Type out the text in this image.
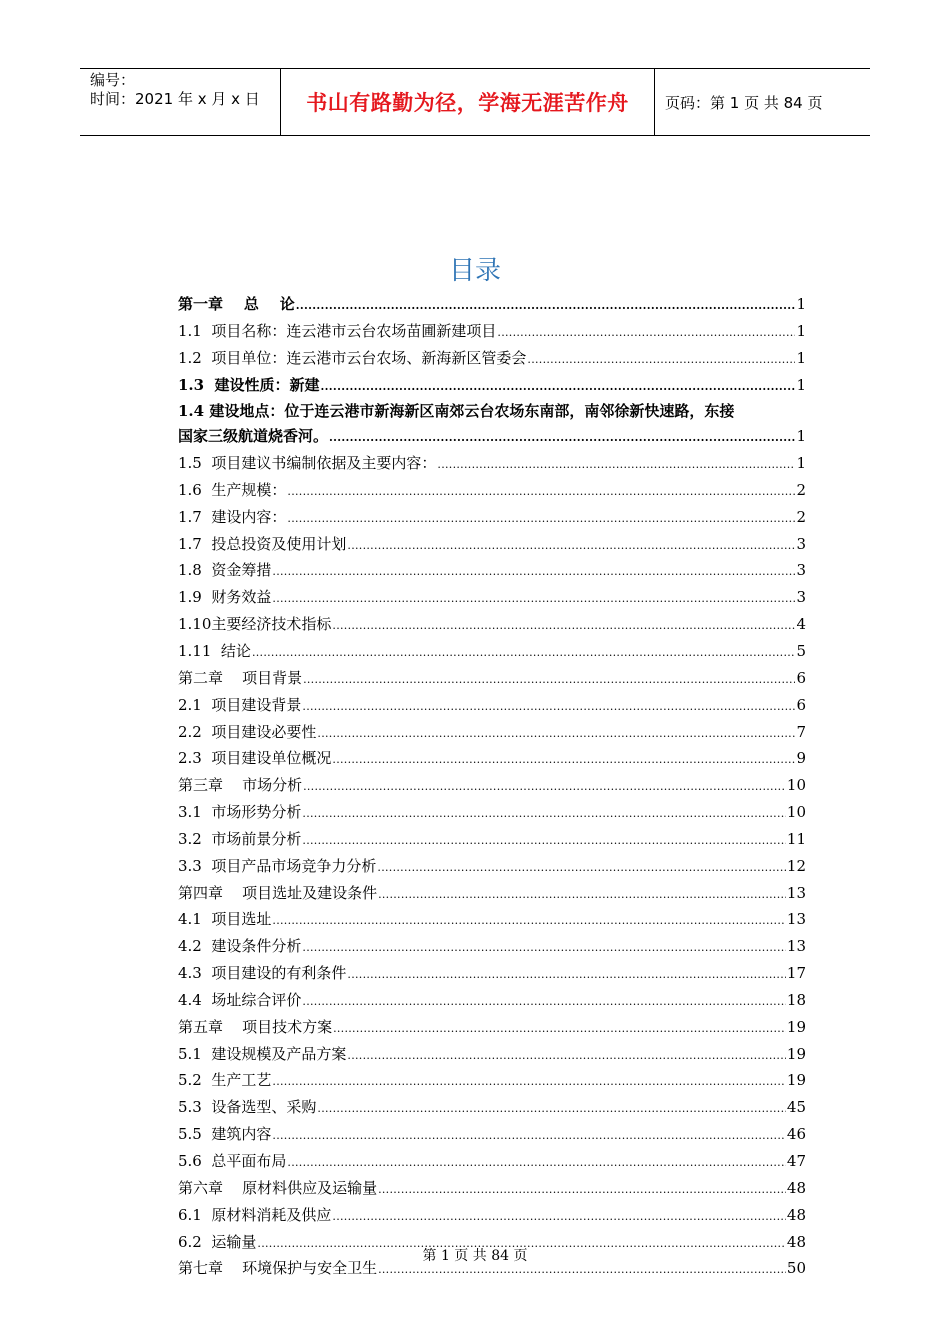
编号：
时间：2021 年 x 月 x 日	书山有路勤为径，学海无涯苦作舟	页码：第 1 页 共 84 页
目录
第一章    总    论 .....	1
1.1  项目名称：连云港市云台农场苗圃新建项目 .....	1
1.2  项目单位：连云港市云台农场、新海新区管委会 .....	1
1.3  建设性质：新建 .....	1
1.4 建设地点：位于连云港市新海新区南郊云台农场东南部，南邻徐新快速路，东接
国家三级航道烧香河。 .....	1
1.5  项目建议书编制依据及主要内容： .....	1
1.6  生产规模： .....	2
1.7  建设内容： .....	2
1.7  投总投资及使用计划 .....	3
1.8  资金筹措 .....	3
1.9  财务效益 .....	3
1.10主要经济技术指标 .....	4
1.11  结论 .....	5
第二章    项目背景 .....	6
2.1  项目建设背景 .....	6
2.2  项目建设必要性 .....	7
2.3  项目建设单位概况 .....	9
第三章    市场分析 .....	10
3.1  市场形势分析 .....	10
3.2  市场前景分析 .....	11
3.3  项目产品市场竞争力分析 .....	12
第四章    项目选址及建设条件 .....	13
4.1  项目选址 .....	13
4.2  建设条件分析 .....	13
4.3  项目建设的有利条件 .....	17
4.4  场址综合评价 .....	18
第五章    项目技术方案 .....	19
5.1  建设规模及产品方案 .....	19
5.2  生产工艺 .....	19
5.3  设备选型、采购 .....	45
5.5  建筑内容 .....	46
5.6  总平面布局 .....	47
第六章    原材料供应及运输量 .....	48
6.1  原材料消耗及供应 .....	48
6.2  运输量 .....	48
第七章    环境保护与安全卫生 .....	50
第 1 页 共 84 页
